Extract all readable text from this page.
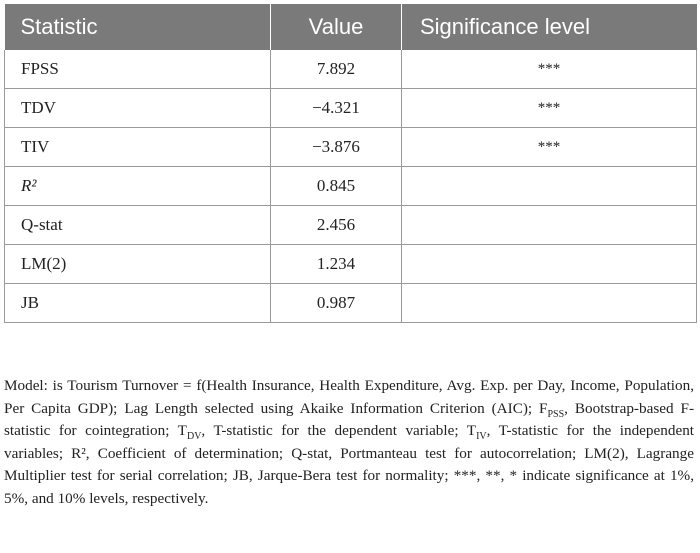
Statistic	Value	Significance level
FPSS	7.892	***
TDV	−4.321	***
TIV	−3.876	***
R²	0.845	
Q-stat	2.456	
LM(2)	1.234	
JB	0.987	
Model: is Tourism Turnover = f(Health Insurance, Health Expenditure, Avg. Exp. per Day, Income, Population, Per Capita GDP); Lag Length selected using Akaike Information Criterion (AIC); $F_{PSS}$, Bootstrap-based F-statistic for cointegration; $T_{DV}$, T-statistic for the dependent variable; $T_{IV}$, T-statistic for the independent variables; R², Coefficient of determination; Q-stat, Portmanteau test for autocorrelation; LM(2), Lagrange Multiplier test for serial correlation; JB, Jarque-Bera test for normality; ***, **, * indicate significance at 1%, 5%, and 10% levels, respectively.
